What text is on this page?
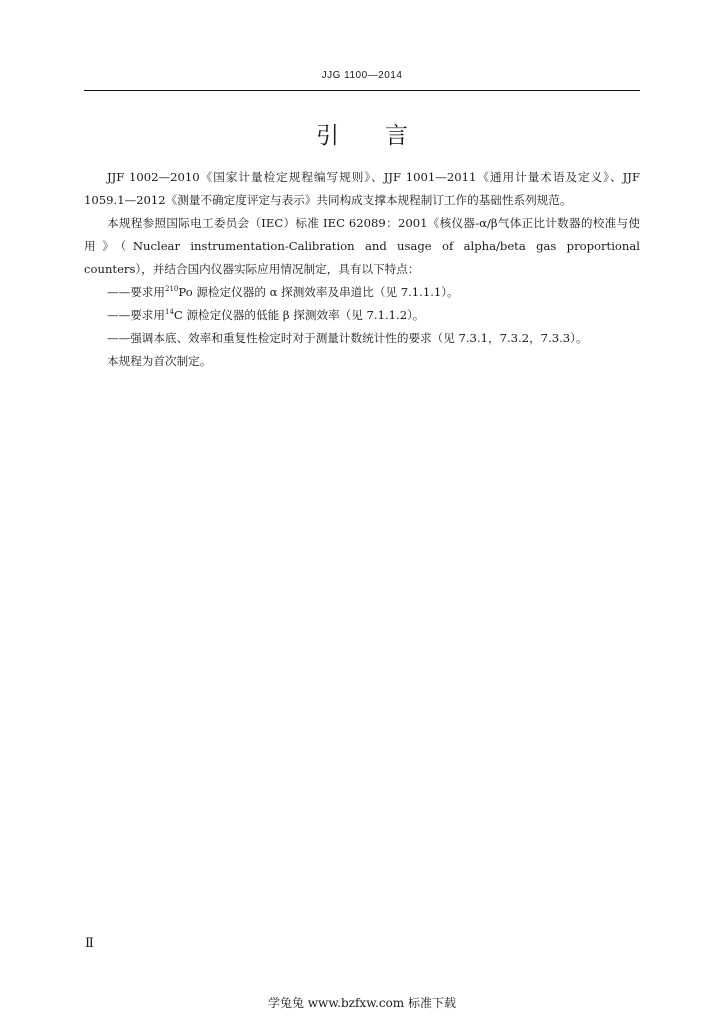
JJG 1100—2014
引言

JJF 1002—2010《国家计量检定规程编写规则》、JJF 1001—2011《通用计量术语及定义》、JJF 1059.1—2012《测量不确定度评定与表示》共同构成支撑本规程制订工作的基础性系列规范。

本规程参照国际电工委员会（IEC）标准 IEC 62089：2001《核仪器-α/β气体正比计数器的校准与使用》（Nuclear instrumentation-Calibration and usage of alpha/beta gas proportional counters），并结合国内仪器实际应用情况制定，具有以下特点：

——要求用$^{210}$Po 源检定仪器的 α 探测效率及串道比（见 7.1.1.1）。

——要求用$^{14}$C 源检定仪器的低能 β 探测效率（见 7.1.1.2）。

——强调本底、效率和重复性检定时对于测量计数统计性的要求（见 7.3.1，7.3.2，7.3.3）。

本规程为首次制定。

Ⅱ
学兔兔 www.bzfxw.com 标准下载
